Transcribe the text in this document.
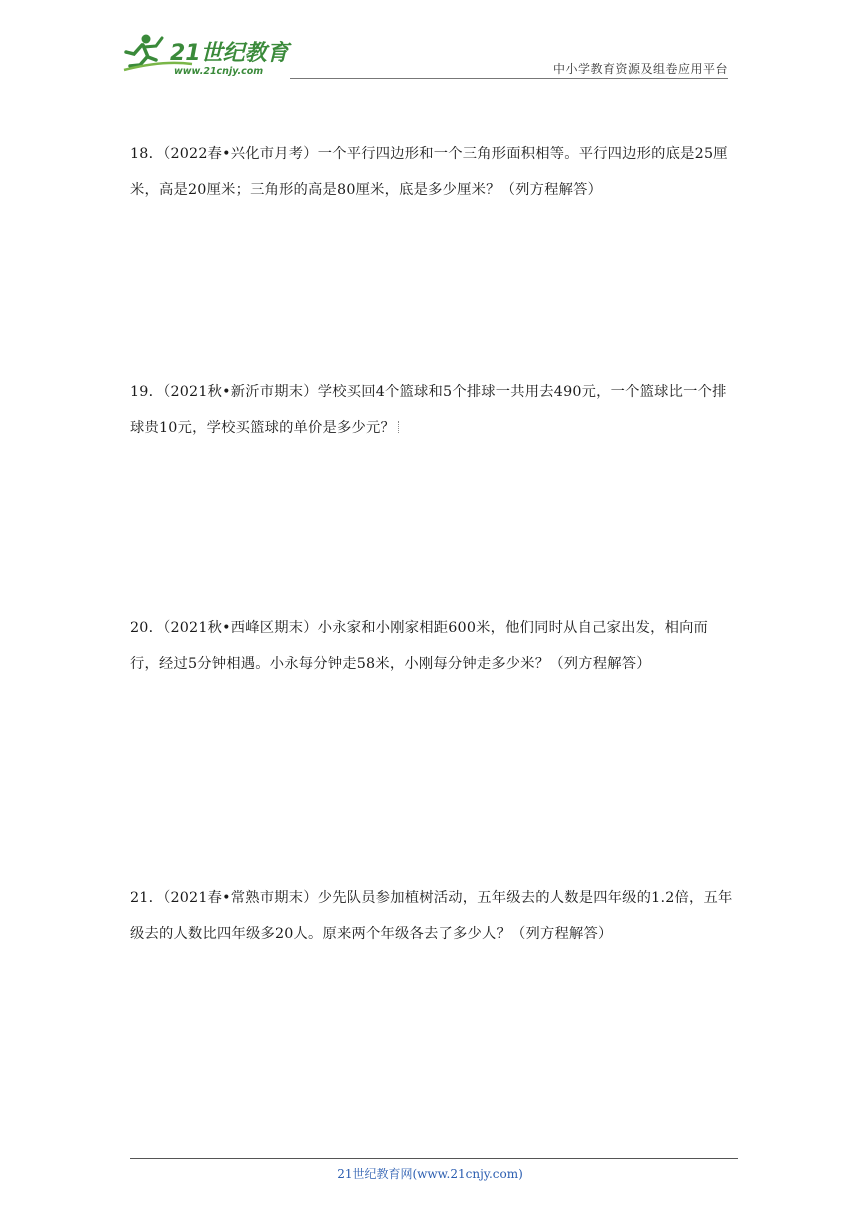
21世纪教育
www.21cnjy.com	中小学教育资源及组卷应用平台
18．（2022春•兴化市月考）一个平行四边形和一个三角形面积相等。平行四边形的底是25厘米，高是20厘米；三角形的高是80厘米，底是多少厘米？（列方程解答）
19．（2021秋•新沂市期末）学校买回4个篮球和5个排球一共用去490元，一个篮球比一个排球贵10元，学校买篮球的单价是多少元？
20．（2021秋•西峰区期末）小永家和小刚家相距600米，他们同时从自己家出发，相向而行，经过5分钟相遇。小永每分钟走58米，小刚每分钟走多少米？（列方程解答）
21．（2021春•常熟市期末）少先队员参加植树活动，五年级去的人数是四年级的1.2倍，五年级去的人数比四年级多20人。原来两个年级各去了多少人？（列方程解答）
21世纪教育网(www.21cnjy.com)
